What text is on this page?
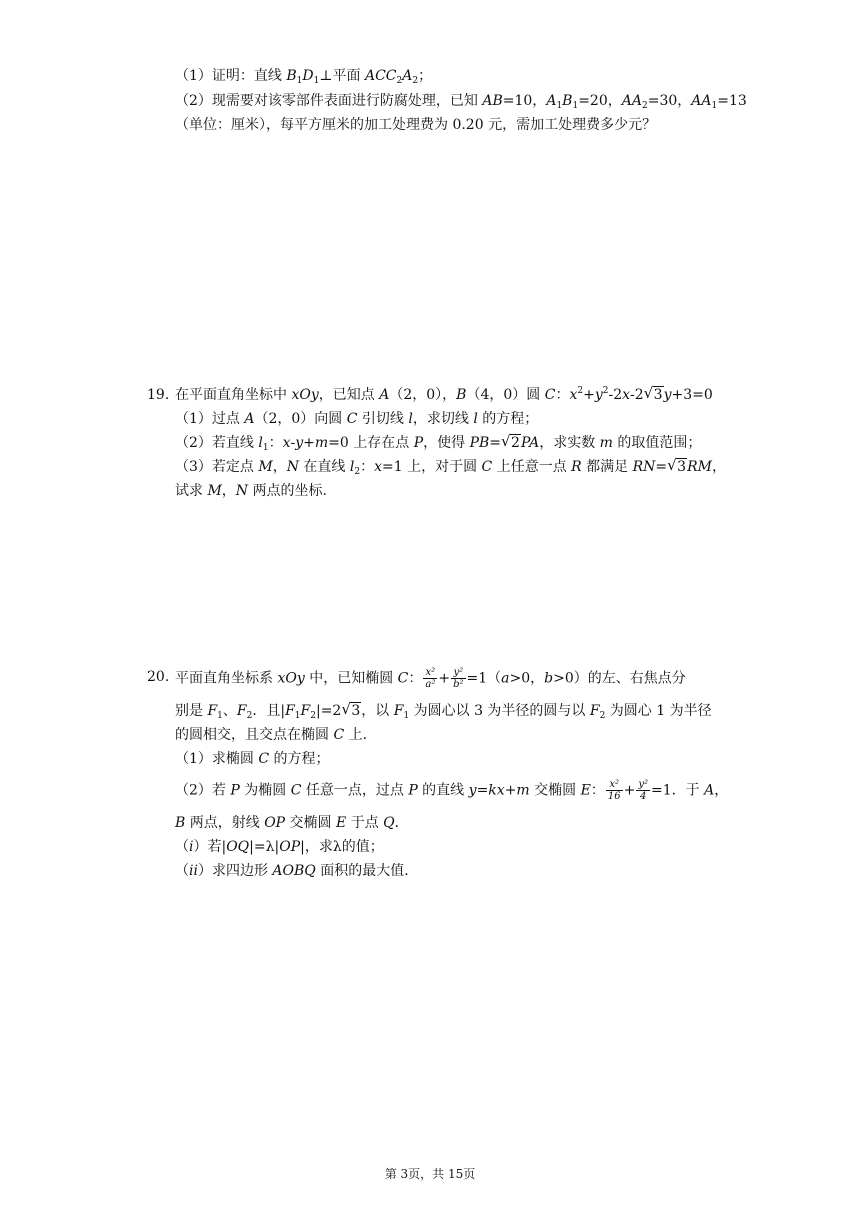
（1）证明：直线 $B_1D_1\perp$平面 $ACC_2A_2$；
（2）现需要对该零部件表面进行防腐处理，已知 AB=10，$A_1B_1=20$，$AA_2=30$，$AA_1=13$
（单位：厘米），每平方厘米的加工处理费为 0.20 元，需加工处理费多少元？
19. 在平面直角坐标中 xOy，已知点 A（2，0），B（4，0）圆 C：$x^2+y^2-2x-2$ √ 3y+3=0
（1）过点 A（2，0）向圆 C 引切线 l，求切线 l 的方程；
（2）若直线 $l_1$：x-y+m=0 上存在点 P，使得 PB= √ 2PA，求实数 m 的取值范围；
（3）若定点 M，N 在直线 $l_2$：x=1 上，对于圆 C 上任意一点 R 都满足 RN= √ 3RM，
试求 M，N 两点的坐标.
20. 平面直角坐标系 xOy 中，已知椭圆 C： $\frac{\text{x²}}{\text{a²}} + \frac{\text{y²}}{\text{b²}} =1(a>0$，b>0）的左、右焦点分
别是 $F_1$、$F_2$．且$|F_1F_2|=2$ √ 3，以 $F_1$ 为圆心以 3 为半径的圆与以 $F_2$ 为圆心 1 为半径
的圆相交，且交点在椭圆 C 上．
（1）求椭圆 C 的方程；
（2）若 P 为椭圆 C 任意一点，过点 P 的直线 y=kx+m 交椭圆 E： $\frac{\text{x²}}{16} + \frac{\text{y²}}{4} =1$．于 A，
B 两点，射线 OP 交椭圆 E 于点 Q．
（i）若|OQ|=λ|OP|，求λ的值；
（ii）求四边形 AOBQ 面积的最大值．
第 3页，共 15页
